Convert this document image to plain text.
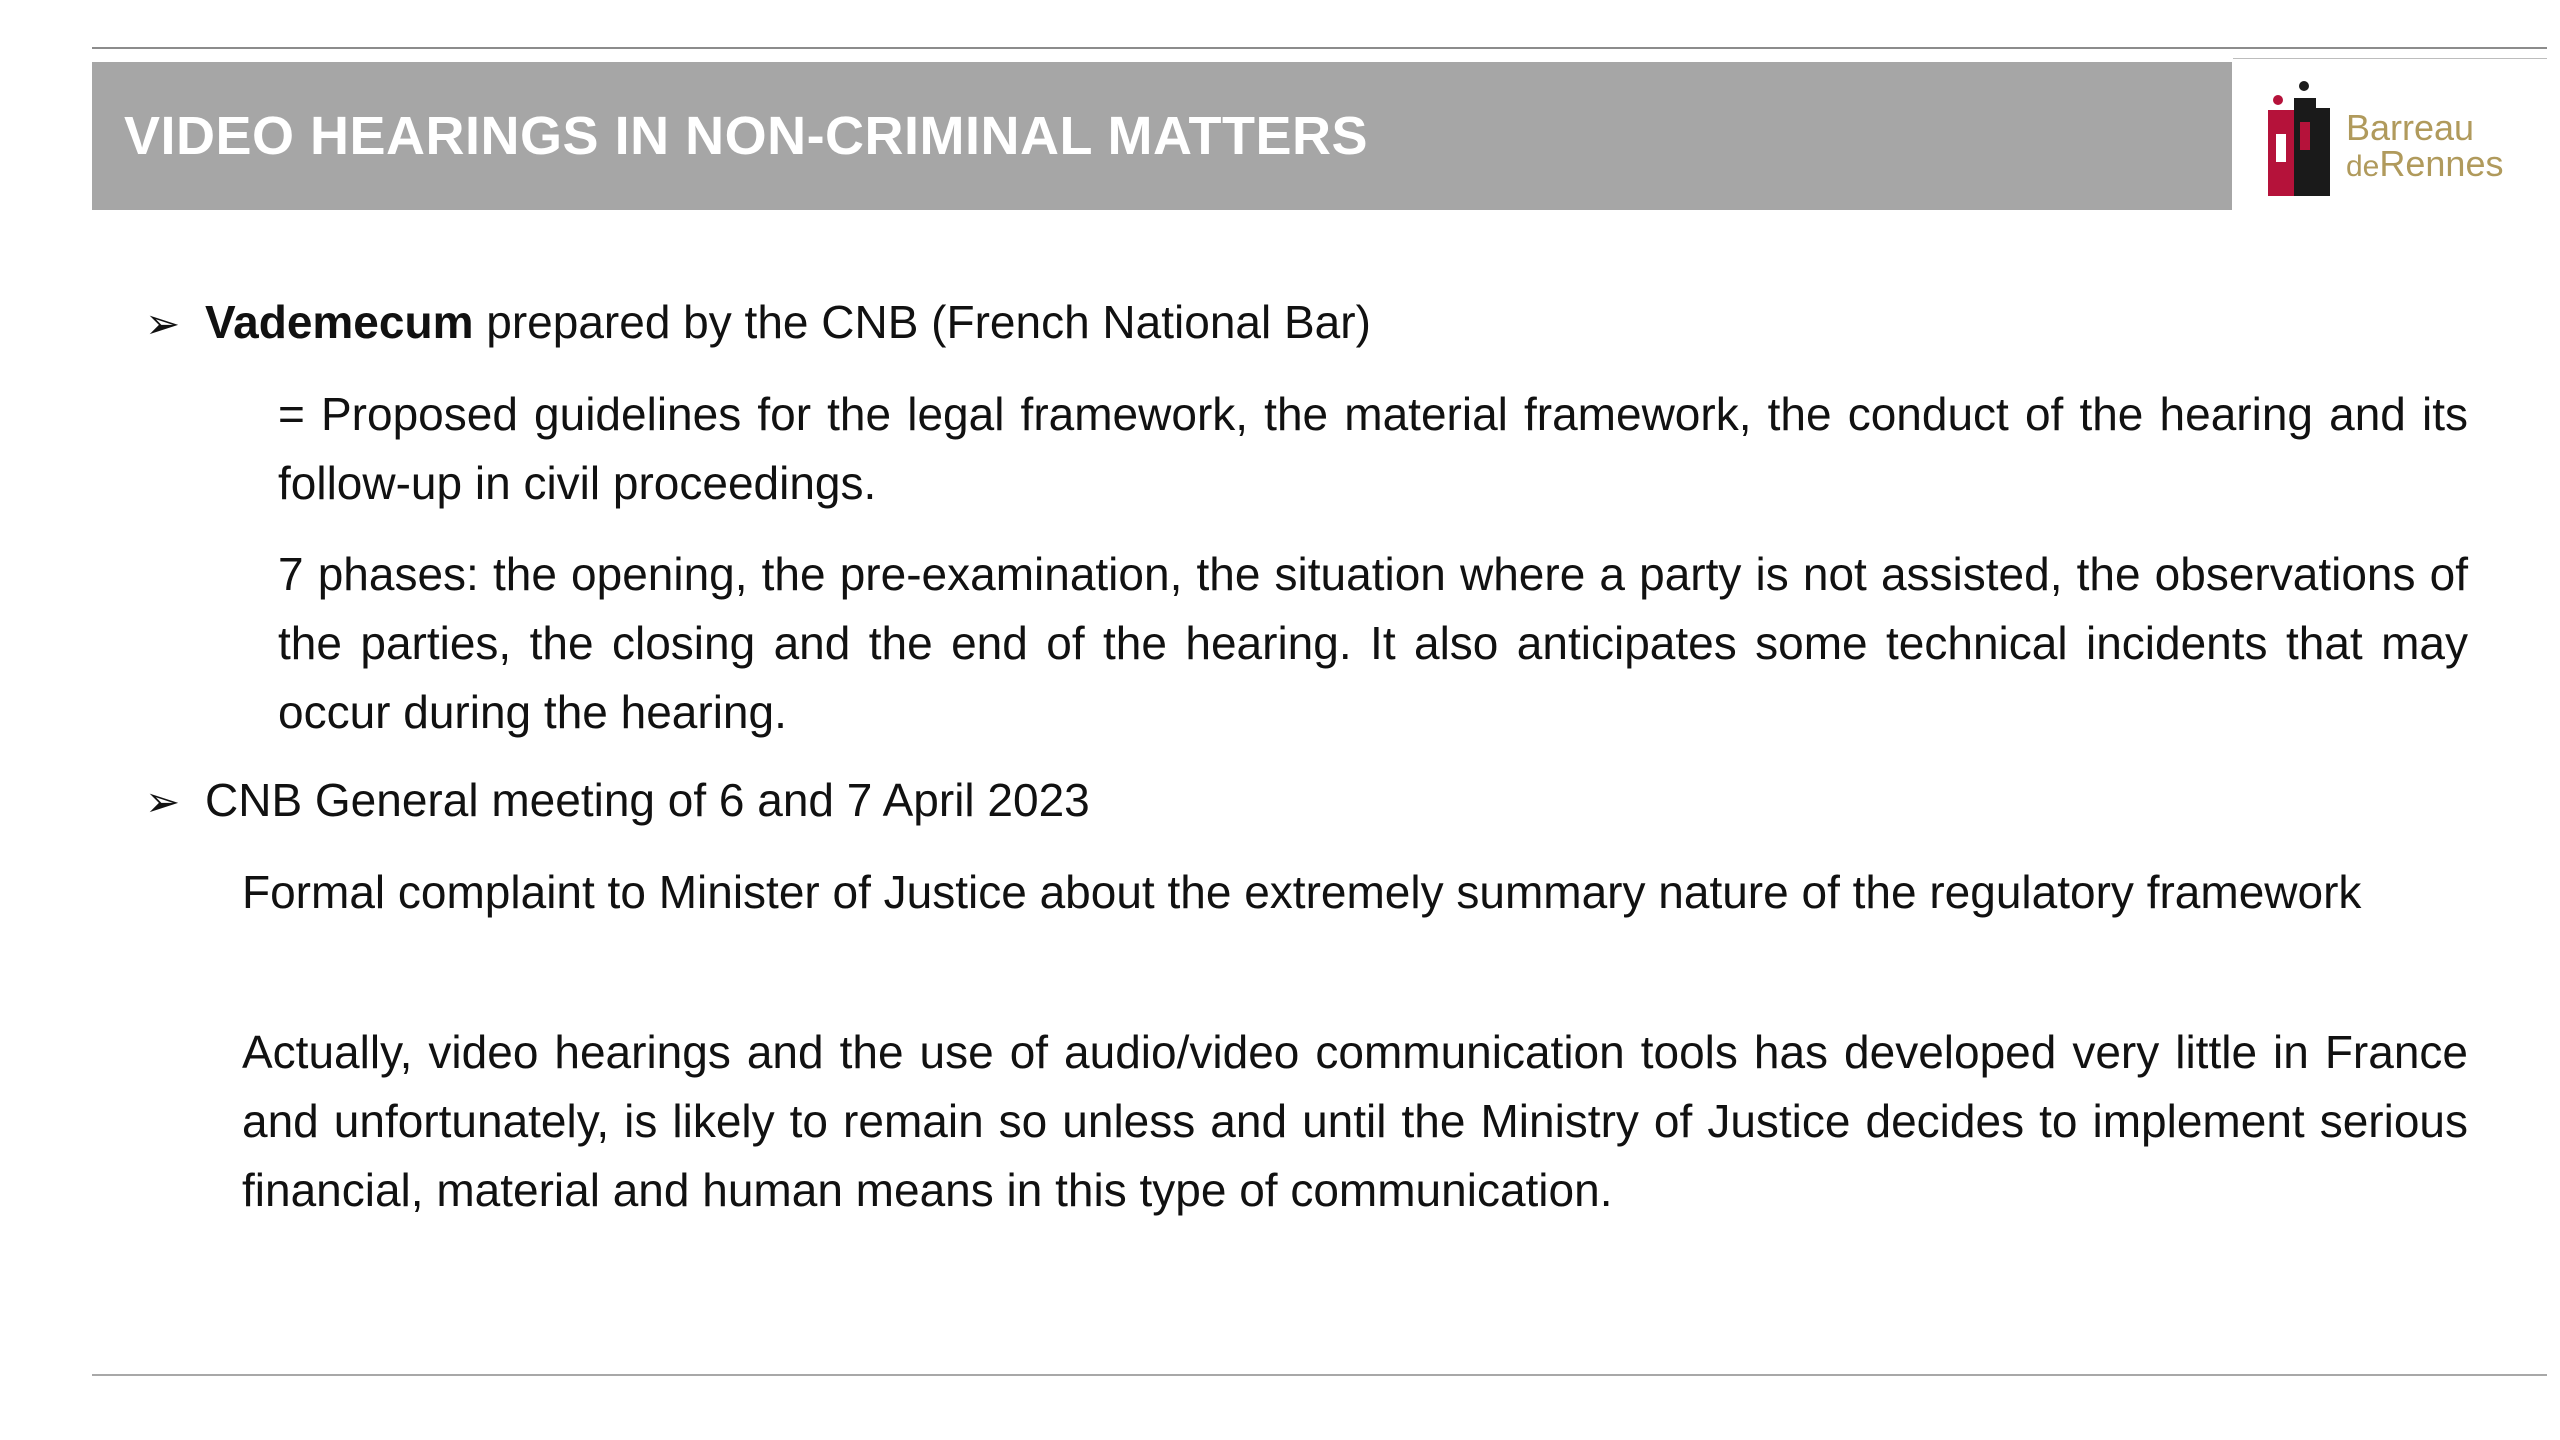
VIDEO HEARINGS IN NON-CRIMINAL MATTERS	Barreau
deRennes
➢ Vademecum prepared by the CNB (French National Bar)
= Proposed guidelines for the legal framework, the material framework, the conduct of the hearing and its follow-up in civil proceedings.
7 phases: the opening, the pre-examination, the situation where a party is not assisted, the observations of the parties, the closing and the end of the hearing. It also anticipates some technical incidents that may occur during the hearing.
➢ CNB General meeting of 6 and 7 April 2023
Formal complaint to Minister of Justice about the extremely summary nature of the regulatory framework
Actually, video hearings and the use of audio/video communication tools has developed very little in France and unfortunately, is likely to remain so unless and until the Ministry of Justice decides to implement serious financial, material and human means in this type of communication.
